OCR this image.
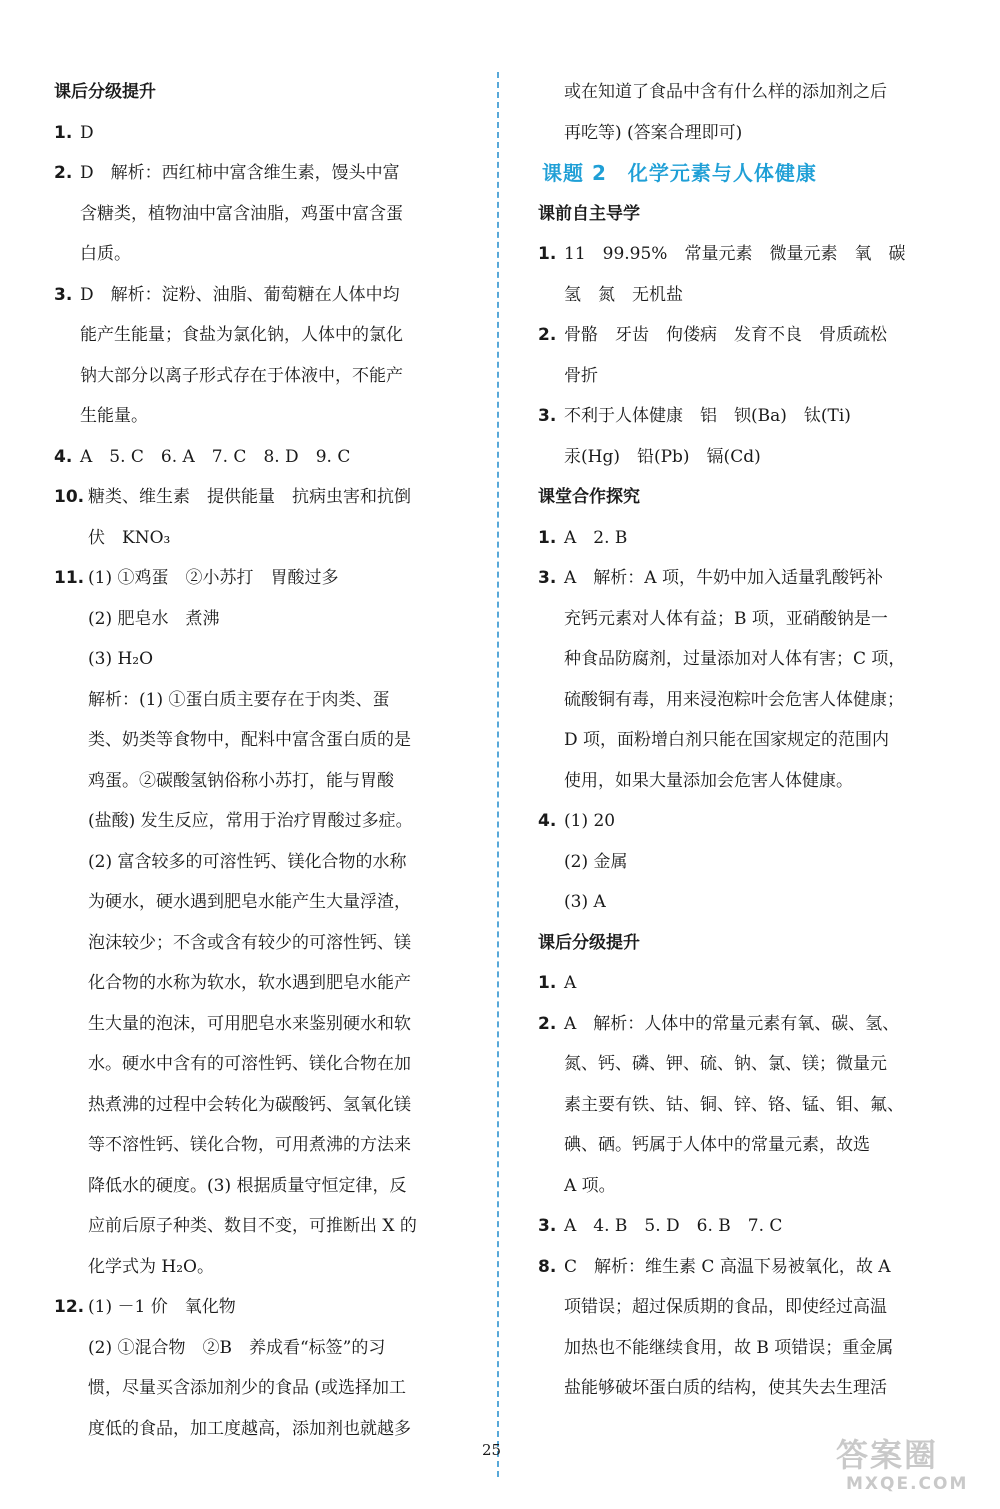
课后分级提升
1. D
2. D　解析：西红柿中富含维生素，馒头中富
含糖类，植物油中富含油脂，鸡蛋中富含蛋
白质。
3. D　解析：淀粉、油脂、葡萄糖在人体中均
能产生能量；食盐为氯化钠，人体中的氯化
钠大部分以离子形式存在于体液中，不能产
生能量。
4. A　5. C　6. A　7. C　8. D　9. C
10. 糖类、维生素　提供能量　抗病虫害和抗倒
伏　KNO₃
11. (1) ①鸡蛋　②小苏打　胃酸过多
(2) 肥皂水　煮沸
(3) H₂O
解析：(1) ①蛋白质主要存在于肉类、蛋
类、奶类等食物中，配料中富含蛋白质的是
鸡蛋。②碳酸氢钠俗称小苏打，能与胃酸
(盐酸) 发生反应，常用于治疗胃酸过多症。
(2) 富含较多的可溶性钙、镁化合物的水称
为硬水，硬水遇到肥皂水能产生大量浮渣，
泡沫较少；不含或含有较少的可溶性钙、镁
化合物的水称为软水，软水遇到肥皂水能产
生大量的泡沫，可用肥皂水来鉴别硬水和软
水。硬水中含有的可溶性钙、镁化合物在加
热煮沸的过程中会转化为碳酸钙、氢氧化镁
等不溶性钙、镁化合物，可用煮沸的方法来
降低水的硬度。(3) 根据质量守恒定律，反
应前后原子种类、数目不变，可推断出 X 的
化学式为 H₂O。
12. (1) －1 价　氧化物
(2) ①混合物　②B　养成看“标签”的习
惯，尽量买含添加剂少的食品 (或选择加工
度低的食品，加工度越高，添加剂也就越多
或在知道了食品中含有什么样的添加剂之后
再吃等) (答案合理即可)
课题 2　化学元素与人体健康
课前自主导学
1. 11　99.95%　常量元素　微量元素　氧　碳
氢　氮　无机盐
2. 骨骼　牙齿　佝偻病　发育不良　骨质疏松
骨折
3. 不利于人体健康　铝　钡(Ba)　钛(Ti)
汞(Hg)　铅(Pb)　镉(Cd)
课堂合作探究
1. A　2. B
3. A　解析：A 项，牛奶中加入适量乳酸钙补
充钙元素对人体有益；B 项，亚硝酸钠是一
种食品防腐剂，过量添加对人体有害；C 项，
硫酸铜有毒，用来浸泡粽叶会危害人体健康；
D 项，面粉增白剂只能在国家规定的范围内
使用，如果大量添加会危害人体健康。
4. (1) 20
(2) 金属
(3) A
课后分级提升
1. A
2. A　解析：人体中的常量元素有氧、碳、氢、
氮、钙、磷、钾、硫、钠、氯、镁；微量元
素主要有铁、钴、铜、锌、铬、锰、钼、氟、
碘、硒。钙属于人体中的常量元素，故选
A 项。
3. A　4. B　5. D　6. B　7. C
8. C　解析：维生素 C 高温下易被氧化，故 A
项错误；超过保质期的食品，即使经过高温
加热也不能继续食用，故 B 项错误；重金属
盐能够破坏蛋白质的结构，使其失去生理活
25	答案圈
MXQE.COM
